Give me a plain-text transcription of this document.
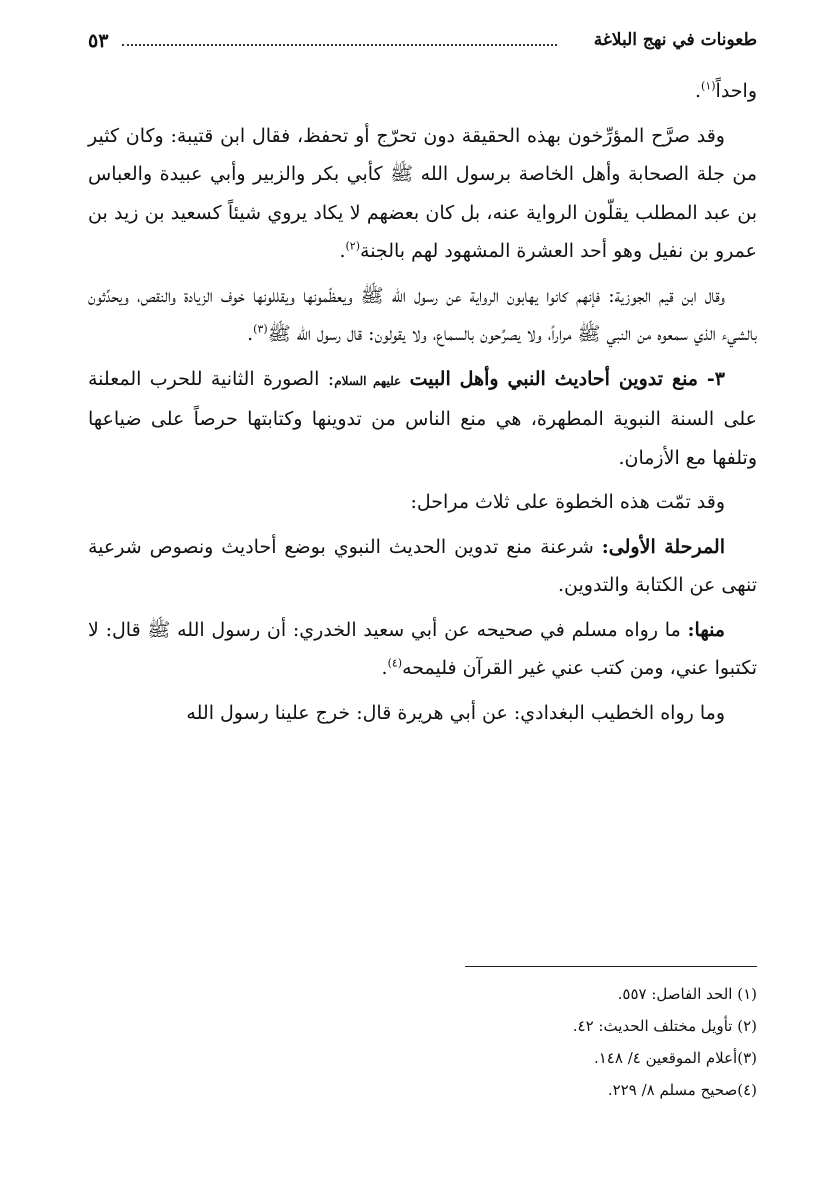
طعونات في نهج البلاغة
٥٣

واحداً$^{(١)}$.

وقد صرَّح المؤرِّخون بهذه الحقيقة دون تحرّج أو تحفظ، فقال ابن قتيبة: وكان كثير من جلة الصحابة وأهل الخاصة برسول الله ﷺ كأبي بكر والزبير وأبي عبيدة والعباس بن عبد المطلب يقلّون الرواية عنه، بل كان بعضهم لا يكاد يروي شيئاً كسعيد بن زيد بن عمرو بن نفيل وهو أحد العشرة المشهود لهم بالجنة$^{(٢)}$.

وقال ابن قيم الجوزية: فإنهم كانوا يهابون الرواية عن رسول الله ﷺ ويعظّمونها ويقللونها خوف الزيادة والنقص، ويحدِّثون بالشيء الذي سمعوه من النبي ﷺ مراراً، ولا يصرِّحون بالسماع، ولا يقولون: قال رسول الله ﷺ$^{(٣)}$.

٣- منع تدوين أحاديث النبي وأهل البيت عليهم السلام: الصورة الثانية للحرب المعلنة على السنة النبوية المطهرة، هي منع الناس من تدوينها وكتابتها حرصاً على ضياعها وتلفها مع الأزمان.

وقد تمّت هذه الخطوة على ثلاث مراحل:

المرحلة الأولى: شرعنة منع تدوين الحديث النبوي بوضع أحاديث ونصوص شرعية تنهى عن الكتابة والتدوين.

منها: ما رواه مسلم في صحيحه عن أبي سعيد الخدري: أن رسول الله ﷺ قال: لا تكتبوا عني، ومن كتب عني غير القرآن فليمحه$^{(٤)}$.

وما رواه الخطيب البغدادي: عن أبي هريرة قال: خرج علينا رسول الله

(١) الحد الفاصل: ٥٥٧.
(٢) تأويل مختلف الحديث: ٤٢.
(٣)أعلام الموقعين ٤/ ١٤٨.
(٤)صحيح مسلم ٨/ ٢٢٩.
